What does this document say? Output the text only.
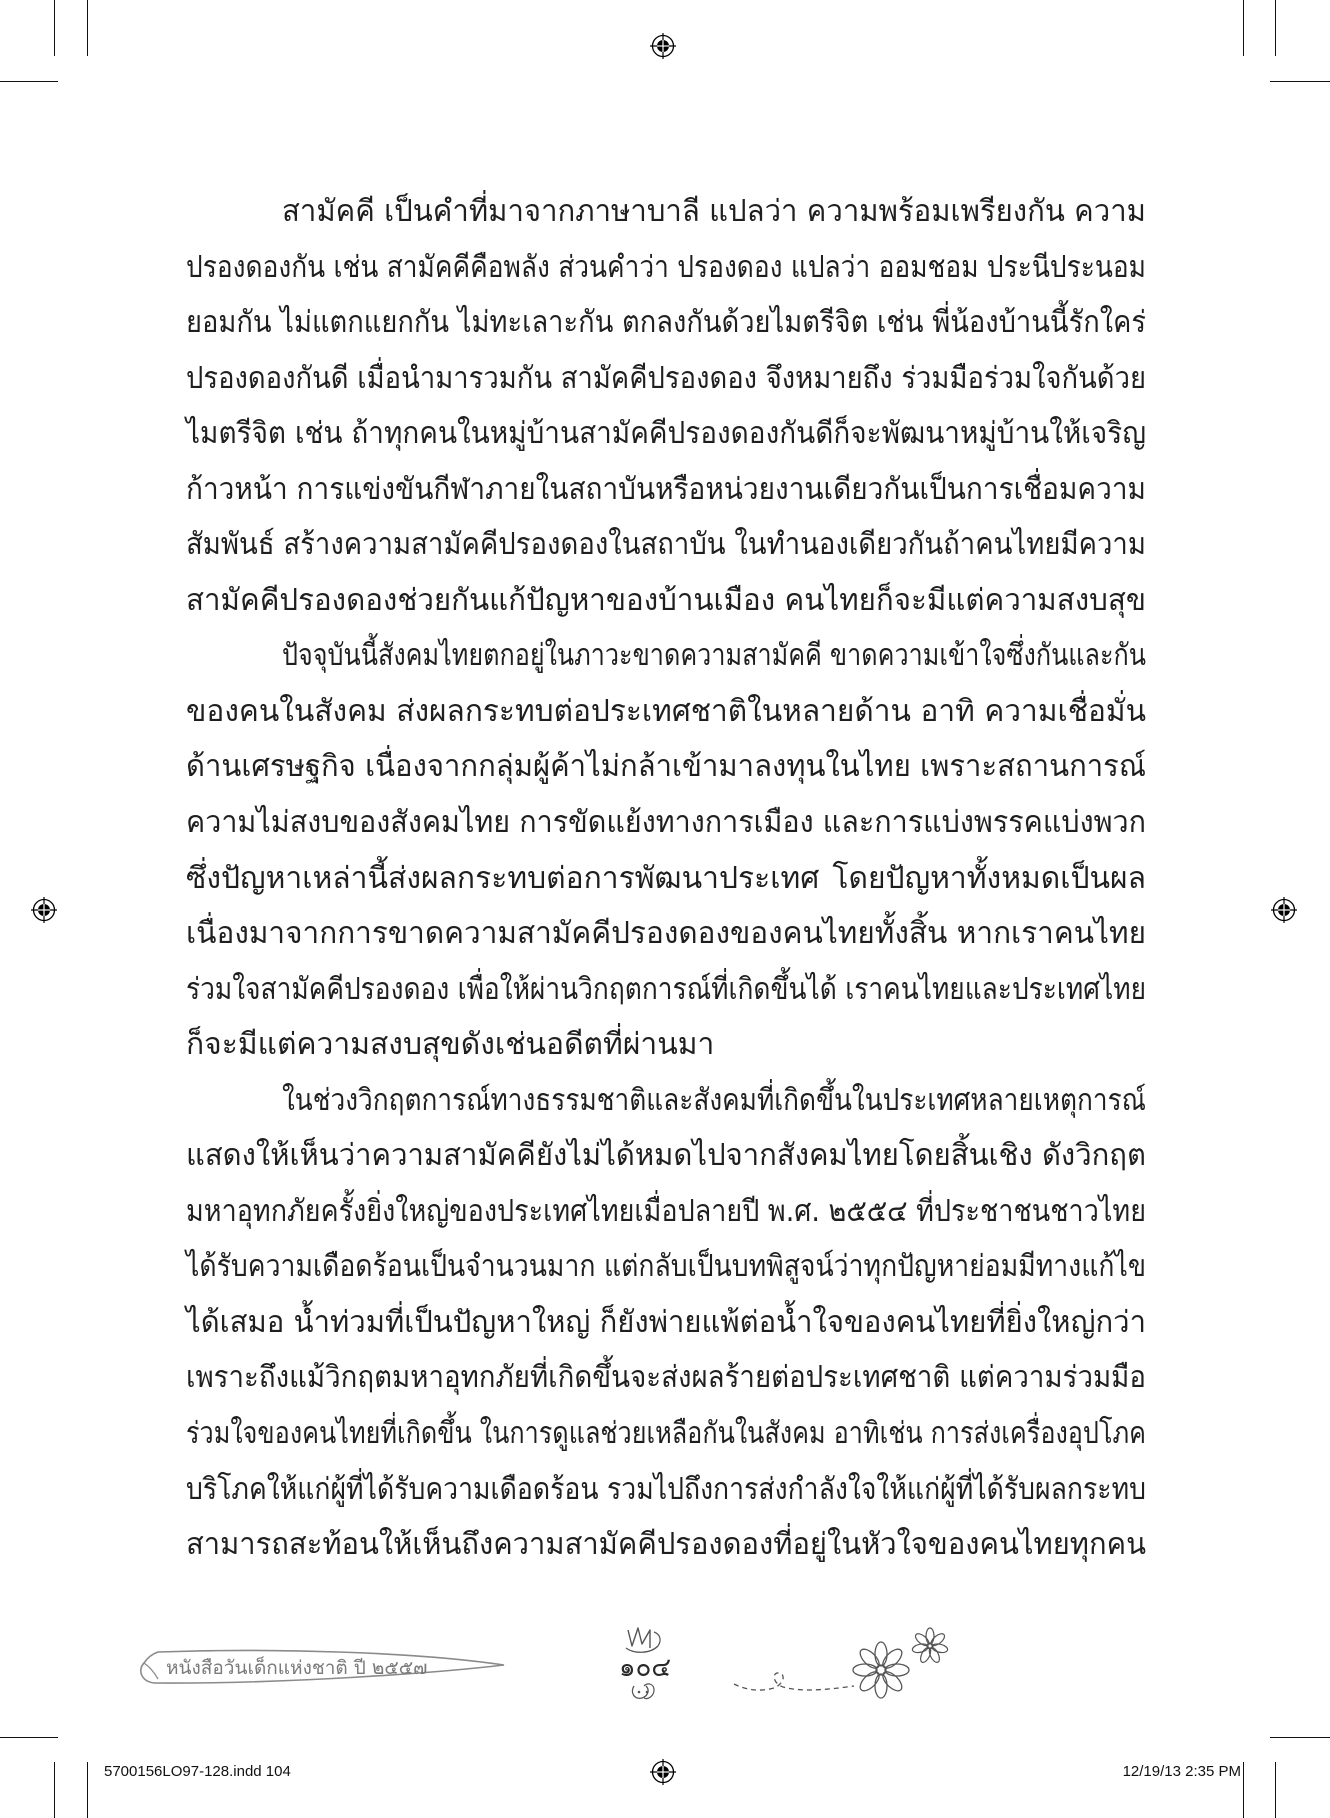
สามัคคี เป็นคำที่มาจากภาษาบาลี แปลว่า ความพร้อมเพรียงกัน ความ
ปรองดองกัน เช่น สามัคคีคือพลัง ส่วนคำว่า ปรองดอง แปลว่า ออมชอม ประนีประนอม
ยอมกัน ไม่แตกแยกกัน ไม่ทะเลาะกัน ตกลงกันด้วยไมตรีจิต เช่น พี่น้องบ้านนี้รักใคร่
ปรองดองกันดี เมื่อนำมารวมกัน สามัคคีปรองดอง จึงหมายถึง ร่วมมือร่วมใจกันด้วย
ไมตรีจิต เช่น ถ้าทุกคนในหมู่บ้านสามัคคีปรองดองกันดีก็จะพัฒนาหมู่บ้านให้เจริญ
ก้าวหน้า การแข่งขันกีฬาภายในสถาบันหรือหน่วยงานเดียวกันเป็นการเชื่อมความ
สัมพันธ์ สร้างความสามัคคีปรองดองในสถาบัน ในทำนองเดียวกันถ้าคนไทยมีความ
สามัคคีปรองดองช่วยกันแก้ปัญหาของบ้านเมือง คนไทยก็จะมีแต่ความสงบสุข
ปัจจุบันนี้สังคมไทยตกอยู่ในภาวะขาดความสามัคคี ขาดความเข้าใจซึ่งกันและกัน
ของคนในสังคม ส่งผลกระทบต่อประเทศชาติในหลายด้าน อาทิ ความเชื่อมั่น
ด้านเศรษฐกิจ เนื่องจากกลุ่มผู้ค้าไม่กล้าเข้ามาลงทุนในไทย เพราะสถานการณ์
ความไม่สงบของสังคมไทย การขัดแย้งทางการเมือง และการแบ่งพรรคแบ่งพวก
ซึ่งปัญหาเหล่านี้ส่งผลกระทบต่อการพัฒนาประเทศ โดยปัญหาทั้งหมดเป็นผล
เนื่องมาจากการขาดความสามัคคีปรองดองของคนไทยทั้งสิ้น หากเราคนไทย
ร่วมใจสามัคคีปรองดอง เพื่อให้ผ่านวิกฤตการณ์ที่เกิดขึ้นได้ เราคนไทยและประเทศไทย
ก็จะมีแต่ความสงบสุขดังเช่นอดีตที่ผ่านมา
ในช่วงวิกฤตการณ์ทางธรรมชาติและสังคมที่เกิดขึ้นในประเทศหลายเหตุการณ์
แสดงให้เห็นว่าความสามัคคียังไม่ได้หมดไปจากสังคมไทยโดยสิ้นเชิง ดังวิกฤต
มหาอุทกภัยครั้งยิ่งใหญ่ของประเทศไทยเมื่อปลายปี พ.ศ. ๒๕๕๔ ที่ประชาชนชาวไทย
ได้รับความเดือดร้อนเป็นจำนวนมาก แต่กลับเป็นบทพิสูจน์ว่าทุกปัญหาย่อมมีทางแก้ไข
ได้เสมอ น้ำท่วมที่เป็นปัญหาใหญ่ ก็ยังพ่ายแพ้ต่อน้ำใจของคนไทยที่ยิ่งใหญ่กว่า
เพราะถึงแม้วิกฤตมหาอุทกภัยที่เกิดขึ้นจะส่งผลร้ายต่อประเทศชาติ แต่ความร่วมมือ
ร่วมใจของคนไทยที่เกิดขึ้น ในการดูแลช่วยเหลือกันในสังคม อาทิเช่น การส่งเครื่องอุปโภค
บริโภคให้แก่ผู้ที่ได้รับความเดือดร้อน รวมไปถึงการส่งกำลังใจให้แก่ผู้ที่ได้รับผลกระทบ
สามารถสะท้อนให้เห็นถึงความสามัคคีปรองดองที่อยู่ในหัวใจของคนไทยทุกคน
หนังสือวันเด็กแห่งชาติ ปี ๒๕๕๗	๑๐๔
5700156LO97-128.indd 104	12/19/13 2:35 PM
